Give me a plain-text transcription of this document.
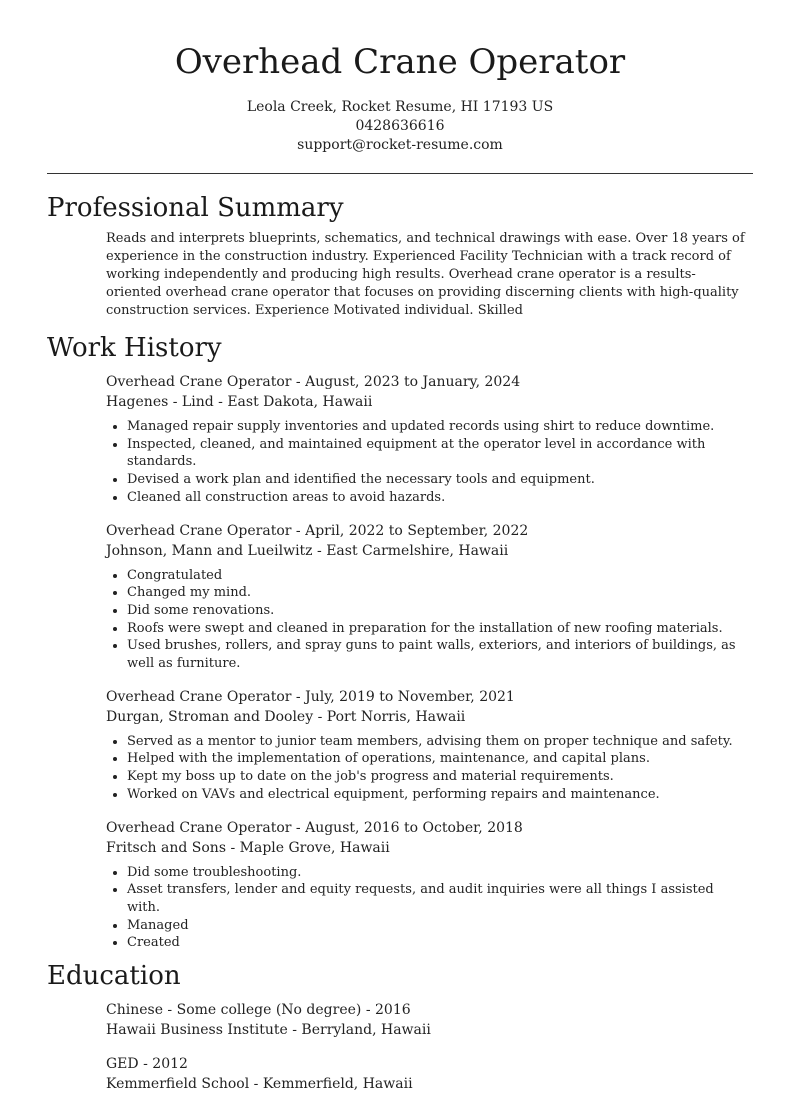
Overhead Crane Operator
Leola Creek, Rocket Resume, HI 17193 US
0428636616
support@rocket-resume.com
Professional Summary

Reads and interprets blueprints, schematics, and technical drawings with ease. Over 18 years of experience in the construction industry. Experienced Facility Technician with a track record of working independently and producing high results. Overhead crane operator is a results-oriented overhead crane operator that focuses on providing discerning clients with high-quality construction services. Experience Motivated individual. Skilled

Work History
Overhead Crane Operator - August, 2023 to January, 2024
Hagenes - Lind - East Dakota, Hawaii
• Managed repair supply inventories and updated records using shirt to reduce downtime.
• Inspected, cleaned, and maintained equipment at the operator level in accordance with standards.
• Devised a work plan and identified the necessary tools and equipment.
• Cleaned all construction areas to avoid hazards.
Overhead Crane Operator - April, 2022 to September, 2022
Johnson, Mann and Lueilwitz - East Carmelshire, Hawaii
• Congratulated
• Changed my mind.
• Did some renovations.
• Roofs were swept and cleaned in preparation for the installation of new roofing materials.
• Used brushes, rollers, and spray guns to paint walls, exteriors, and interiors of buildings, as well as furniture.
Overhead Crane Operator - July, 2019 to November, 2021
Durgan, Stroman and Dooley - Port Norris, Hawaii
• Served as a mentor to junior team members, advising them on proper technique and safety.
• Helped with the implementation of operations, maintenance, and capital plans.
• Kept my boss up to date on the job's progress and material requirements.
• Worked on VAVs and electrical equipment, performing repairs and maintenance.
Overhead Crane Operator - August, 2016 to October, 2018
Fritsch and Sons - Maple Grove, Hawaii
• Did some troubleshooting.
• Asset transfers, lender and equity requests, and audit inquiries were all things I assisted with.
• Managed
• Created
Education
Chinese - Some college (No degree) - 2016
Hawaii Business Institute - Berryland, Hawaii
GED - 2012
Kemmerfield School - Kemmerfield, Hawaii
